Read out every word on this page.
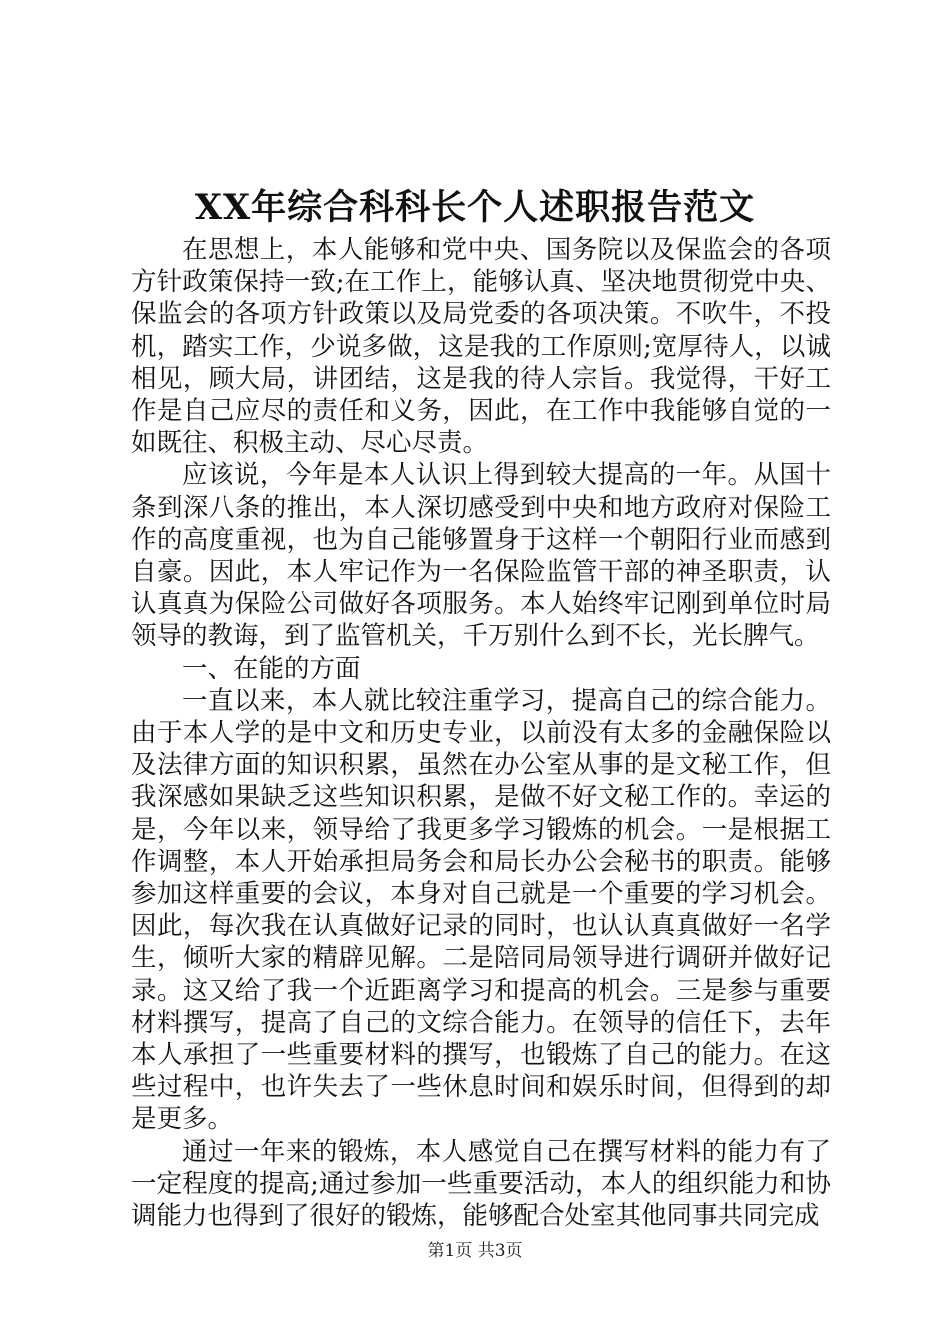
XX年综合科科长个人述职报告范文

在思想上，本人能够和党中央、国务院以及保监会的各项方针政策保持一致;在工作上，能够认真、坚决地贯彻党中央、保监会的各项方针政策以及局党委的各项决策。不吹牛，不投机，踏实工作，少说多做，这是我的工作原则;宽厚待人，以诚相见，顾大局，讲团结，这是我的待人宗旨。我觉得，干好工作是自己应尽的责任和义务，因此，在工作中我能够自觉的一如既往、积极主动、尽心尽责。

应该说，今年是本人认识上得到较大提高的一年。从国十条到深八条的推出，本人深切感受到中央和地方政府对保险工作的高度重视，也为自己能够置身于这样一个朝阳行业而感到自豪。因此，本人牢记作为一名保险监管干部的神圣职责，认认真真为保险公司做好各项服务。本人始终牢记刚到单位时局领导的教诲，到了监管机关，千万别什么到不长，光长脾气。

一、在能的方面

一直以来，本人就比较注重学习，提高自己的综合能力。由于本人学的是中文和历史专业，以前没有太多的金融保险以及法律方面的知识积累，虽然在办公室从事的是文秘工作，但我深感如果缺乏这些知识积累，是做不好文秘工作的。幸运的是，今年以来，领导给了我更多学习锻炼的机会。一是根据工作调整，本人开始承担局务会和局长办公会秘书的职责。能够参加这样重要的会议，本身对自己就是一个重要的学习机会。因此，每次我在认真做好记录的同时，也认认真真做好一名学生，倾听大家的精辟见解。二是陪同局领导进行调研并做好记录。这又给了我一个近距离学习和提高的机会。三是参与重要材料撰写，提高了自己的文综合能力。在领导的信任下，去年本人承担了一些重要材料的撰写，也锻炼了自己的能力。在这些过程中，也许失去了一些休息时间和娱乐时间，但得到的却是更多。

通过一年来的锻炼，本人感觉自己在撰写材料的能力有了一定程度的提高;通过参加一些重要活动，本人的组织能力和协调能力也得到了很好的锻炼，能够配合处室其他同事共同完成

第1页 共3页
